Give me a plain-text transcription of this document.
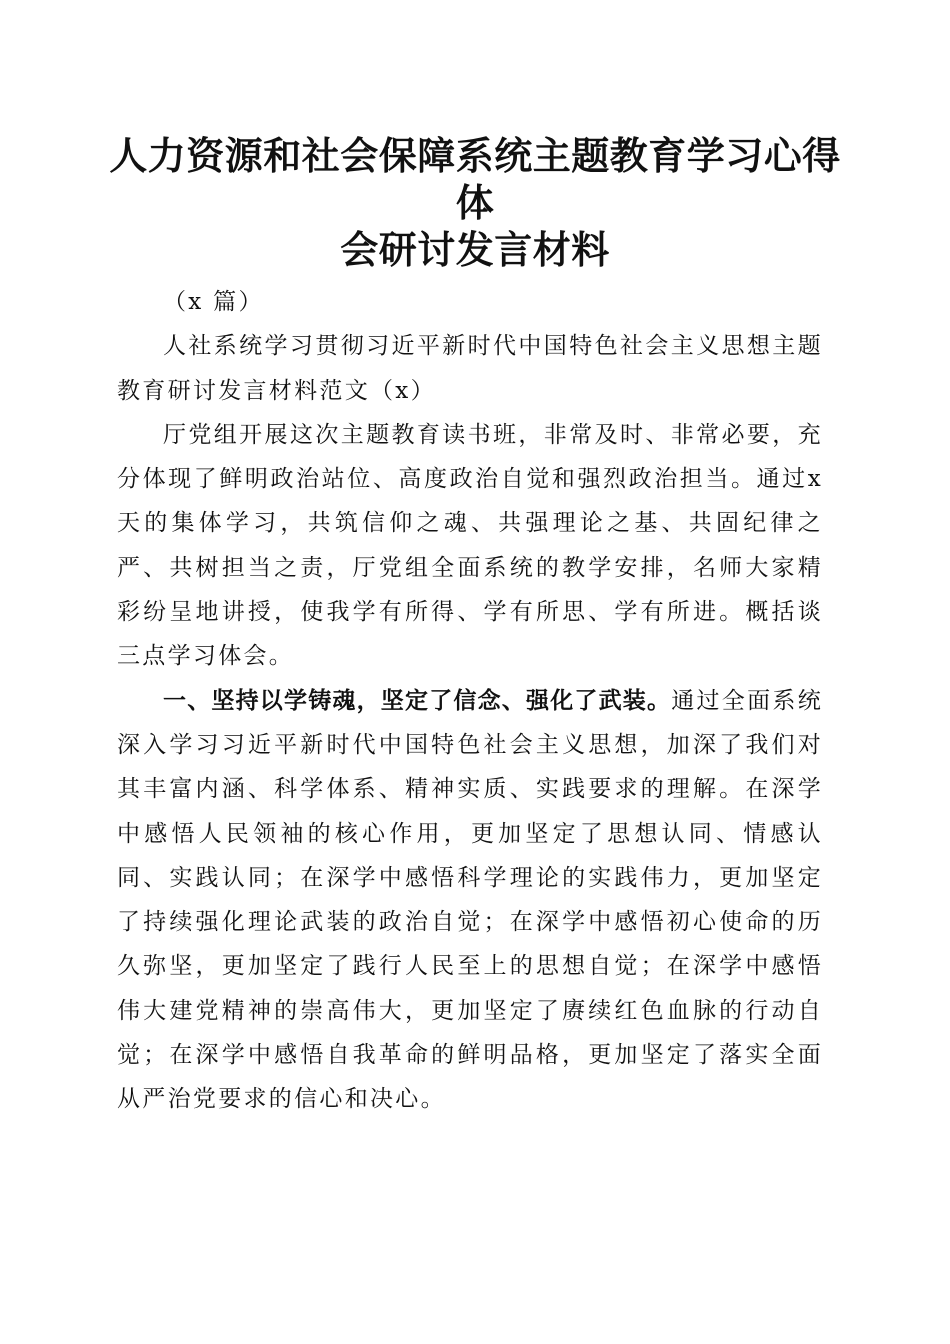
人力资源和社会保障系统主题教育学习心得体
会研讨发言材料

（x 篇）

人社系统学习贯彻习近平新时代中国特色社会主义思想主题教育研讨发言材料范文（x）

厅党组开展这次主题教育读书班，非常及时、非常必要，充分体现了鲜明政治站位、高度政治自觉和强烈政治担当。通过x天的集体学习，共筑信仰之魂、共强理论之基、共固纪律之严、共树担当之责，厅党组全面系统的教学安排，名师大家精彩纷呈地讲授，使我学有所得、学有所思、学有所进。概括谈三点学习体会。

一、坚持以学铸魂，坚定了信念、强化了武装。通过全面系统深入学习习近平新时代中国特色社会主义思想，加深了我们对其丰富内涵、科学体系、精神实质、实践要求的理解。在深学中感悟人民领袖的核心作用，更加坚定了思想认同、情感认同、实践认同；在深学中感悟科学理论的实践伟力，更加坚定了持续强化理论武装的政治自觉；在深学中感悟初心使命的历久弥坚，更加坚定了践行人民至上的思想自觉；在深学中感悟伟大建党精神的崇高伟大，更加坚定了赓续红色血脉的行动自觉；在深学中感悟自我革命的鲜明品格，更加坚定了落实全面从严治党要求的信心和决心。
